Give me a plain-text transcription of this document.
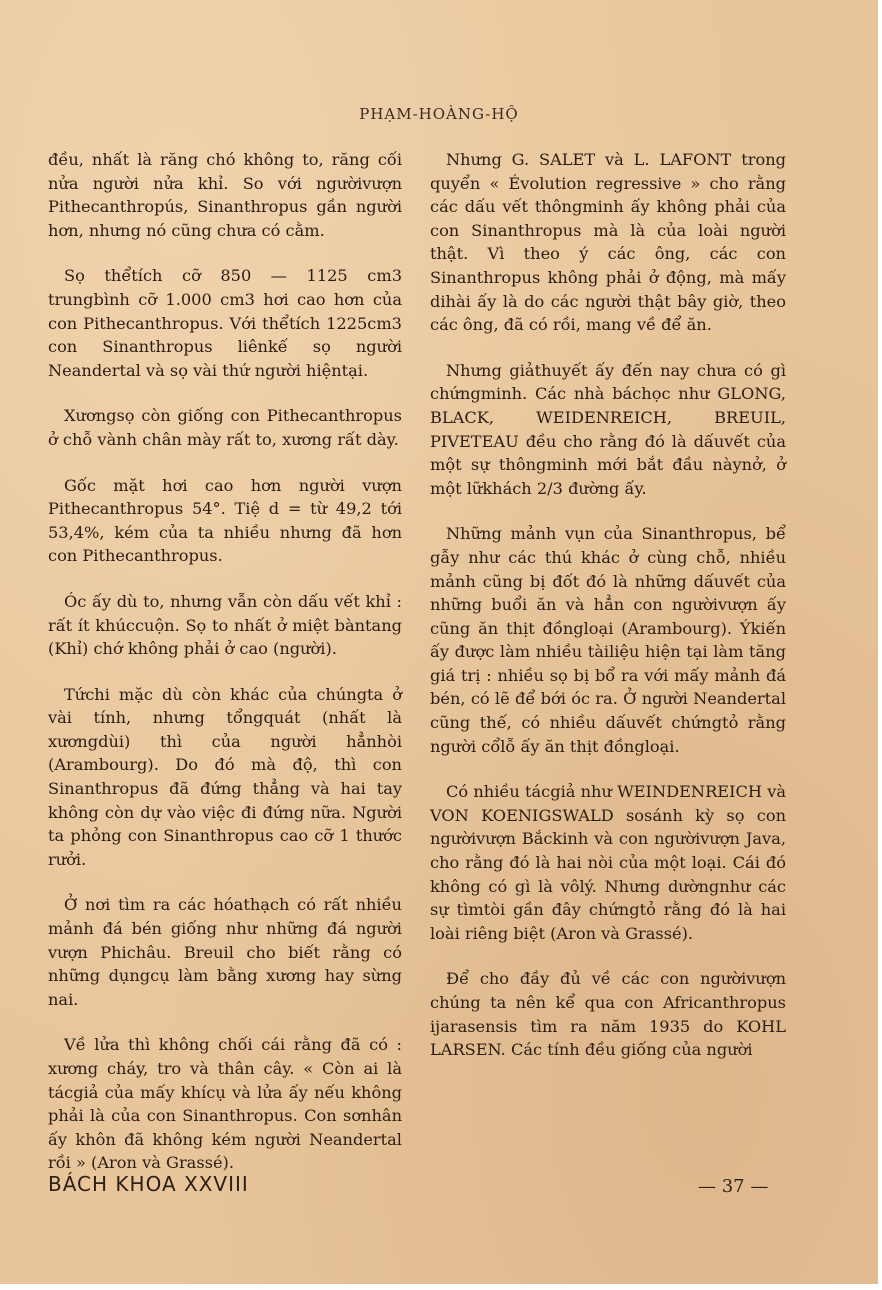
PHẠM-HOÀNG-HỘ

đều, nhất là răng chó không to, răng cối nửa người nửa khỉ. So với ngườivượn Pithecanthropús, Sinanthropus gần người hơn, nhưng nó cũng chưa có cằm.

Sọ thểtích cỡ 850 — 1125 cm3 trungbình cỡ 1.000 cm3 hơi cao hơn của con Pithecanthropus. Với thểtích 1225cm3 con Sinanthropus liênkế sọ người Neandertal và sọ vài thứ người hiệntại.

Xươngsọ còn giống con Pithecanthropus ở chỗ vành chân mày rất to, xương rất dày.

Gốc mặt hơi cao hơn người vượn Pithecanthropus 54°. Tiệ d = từ 49,2 tới 53,4%, kém của ta nhiều nhưng đã hơn con Pithecanthropus.

Óc ấy dù to, nhưng vẫn còn dấu vết khỉ : rất ít khúccuộn. Sọ to nhất ở miệt bàntang (Khỉ) chớ không phải ở cao (người).

Tứchi mặc dù còn khác của chúngta ở vài tính, nhưng tổngquát (nhất là xươngdùi) thì của người hẳnhòi (Arambourg). Do đó mà độ, thì con Sinanthropus đã đứng thẳng và hai tay không còn dự vào việc đi đứng nữa. Người ta phỏng con Sinanthropus cao cỡ 1 thước rưởi.

Ở nơi tìm ra các hóathạch có rất nhiều mảnh đá bén giống như những đá người vượn Phichâu. Breuil cho biết rằng có những dụngcụ làm bằng xương hay sừng nai.

Về lửa thì không chối cái rằng đã có : xương cháy, tro và thân cây. « Còn ai là tácgiả của mấy khícụ và lửa ấy nếu không phải là của con Sinanthropus. Con sơnhân ấy khôn đã không kém người Neandertal rồi » (Aron và Grassé).

Nhưng G. SALET và L. LAFONT trong quyển « Évolution regressive » cho rằng các dấu vết thôngminh ấy không phải của con Sinanthropus mà là của loài người thật. Vì theo ý các ông, các con Sinanthropus không phải ở động, mà mấy dihài ấy là do các người thật bây giờ, theo các ông, đã có rồi, mang về để ăn.

Nhưng giảthuyết ấy đến nay chưa có gì chứngminh. Các nhà báchọc như GLONG, BLACK, WEIDENREICH, BREUIL, PIVETEAU đều cho rằng đó là dấuvết của một sự thôngminh mới bắt đầu nàynở, ở một lữkhách 2/3 đường ấy.

Những mảnh vụn của Sinanthropus, bể gẫy như các thú khác ở cùng chỗ, nhiều mảnh cũng bị đốt đó là những dấuvết của những buổi ăn và hẳn con ngườivượn ấy cũng ăn thịt đồngloại (Arambourg). Ýkiến ấy được làm nhiều tàiliệu hiện tại làm tăng giá trị : nhiều sọ bị bổ ra với mấy mảnh đá bén, có lẽ để bới óc ra. Ở người Neandertal cũng thế, có nhiều dấuvết chứngtỏ rằng người cổlỗ ấy ăn thịt đồngloại.

Có nhiều tácgiả như WEINDENREICH và VON KOENIGSWALD sosánh kỳ sọ con ngườivượn Bắckinh và con ngườivượn Java, cho rằng đó là hai nòi của một loại. Cái đó không có gì là vôlý. Nhưng dườngnhư các sự tìmtòi gần đây chứngtỏ rằng đó là hai loài riêng biệt (Aron và Grassé).

Để cho đầy đủ về các con ngườivượn chúng ta nên kể qua con Africanthropus ijarasensis tìm ra năm 1935 do KOHL LARSEN. Các tính đều giống của người

BÁCH KHOA XXVIII	— 37 —
